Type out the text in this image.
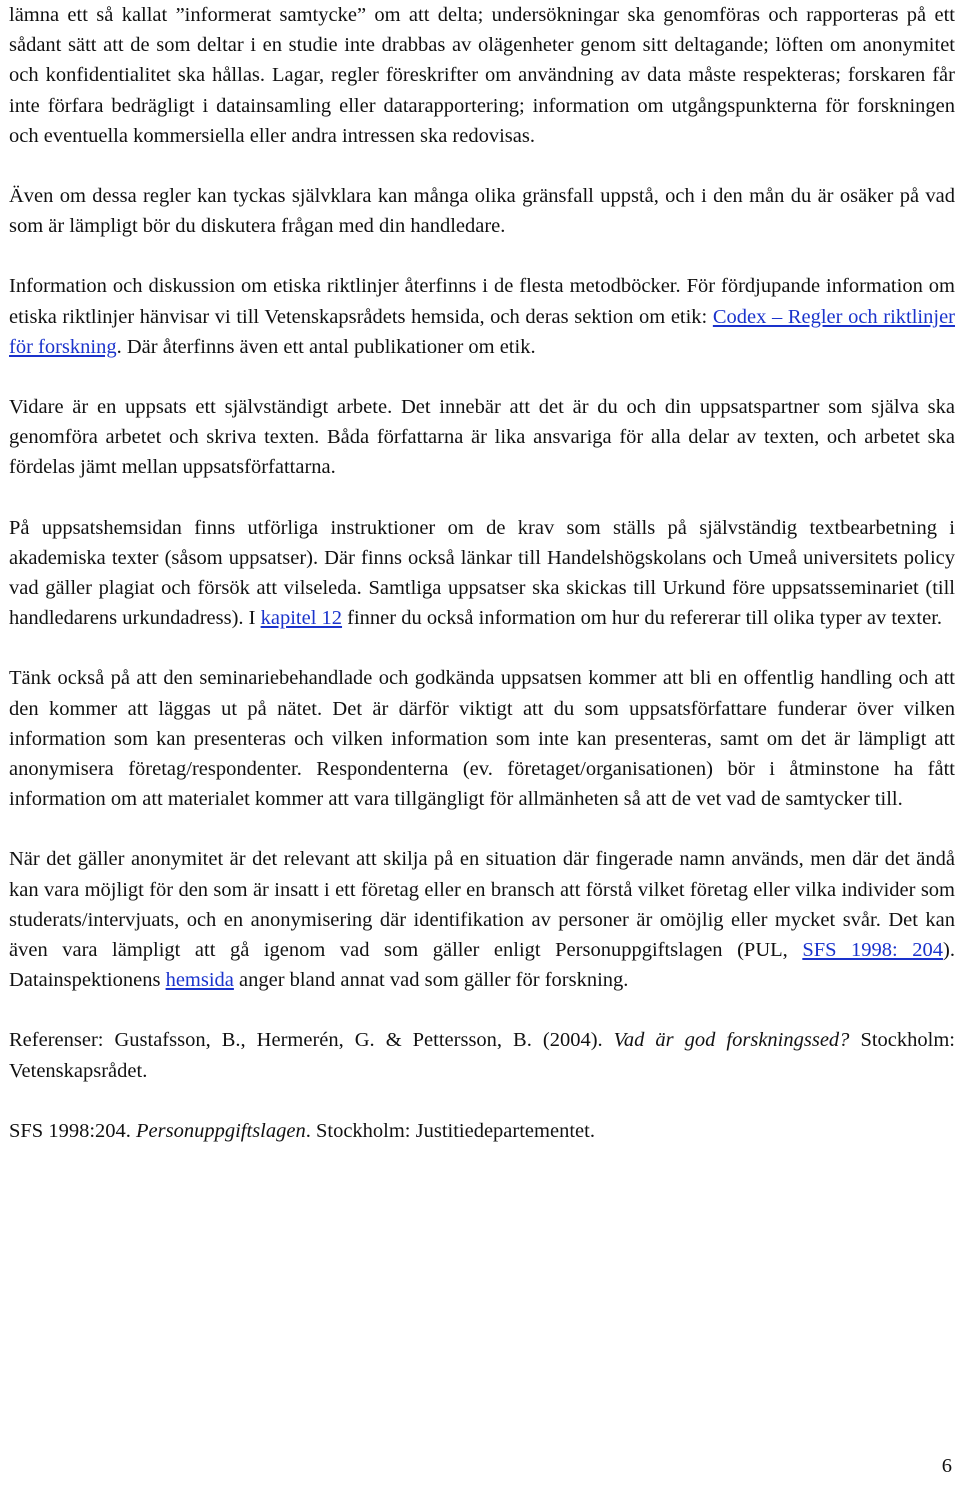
lämna ett så kallat ”informerat samtycke” om att delta; undersökningar ska genomföras och rapporteras på ett sådant sätt att de som deltar i en studie inte drabbas av olägenheter genom sitt deltagande; löften om anonymitet och konfidentialitet ska hållas. Lagar, regler föreskrifter om användning av data måste respekteras; forskaren får inte förfara bedrägligt i datainsamling eller datarapportering; information om utgångspunkterna för forskningen och eventuella kommersiella eller andra intressen ska redovisas.

Även om dessa regler kan tyckas självklara kan många olika gränsfall uppstå, och i den mån du är osäker på vad som är lämpligt bör du diskutera frågan med din handledare.

Information och diskussion om etiska riktlinjer återfinns i de flesta metodböcker. För fördjupande information om etiska riktlinjer hänvisar vi till Vetenskapsrådets hemsida, och deras sektion om etik: Codex – Regler och riktlinjer för forskning. Där återfinns även ett antal publikationer om etik.

Vidare är en uppsats ett självständigt arbete. Det innebär att det är du och din uppsatspartner som själva ska genomföra arbetet och skriva texten. Båda författarna är lika ansvariga för alla delar av texten, och arbetet ska fördelas jämt mellan uppsatsförfattarna.

På uppsatshemsidan finns utförliga instruktioner om de krav som ställs på självständig textbearbetning i akademiska texter (såsom uppsatser). Där finns också länkar till Handelshögskolans och Umeå universitets policy vad gäller plagiat och försök att vilseleda. Samtliga uppsatser ska skickas till Urkund före uppsatsseminariet (till handledarens urkundadress). I kapitel 12 finner du också information om hur du refererar till olika typer av texter.

Tänk också på att den seminariebehandlade och godkända uppsatsen kommer att bli en offentlig handling och att den kommer att läggas ut på nätet. Det är därför viktigt att du som uppsatsförfattare funderar över vilken information som kan presenteras och vilken information som inte kan presenteras, samt om det är lämpligt att anonymisera företag/respondenter. Respondenterna (ev. företaget/organisationen) bör i åtminstone ha fått information om att materialet kommer att vara tillgängligt för allmänheten så att de vet vad de samtycker till.

När det gäller anonymitet är det relevant att skilja på en situation där fingerade namn används, men där det ändå kan vara möjligt för den som är insatt i ett företag eller en bransch att förstå vilket företag eller vilka individer som studerats/intervjuats, och en anonymisering där identifikation av personer är omöjlig eller mycket svår. Det kan även vara lämpligt att gå igenom vad som gäller enligt Personuppgiftslagen (PUL, SFS 1998: 204). Datainspektionens hemsida anger bland annat vad som gäller för forskning.

Referenser: Gustafsson, B., Hermerén, G. & Pettersson, B. (2004). Vad är god forskningssed? Stockholm: Vetenskapsrådet.

SFS 1998:204. Personuppgiftslagen. Stockholm: Justitiedepartementet.

6
